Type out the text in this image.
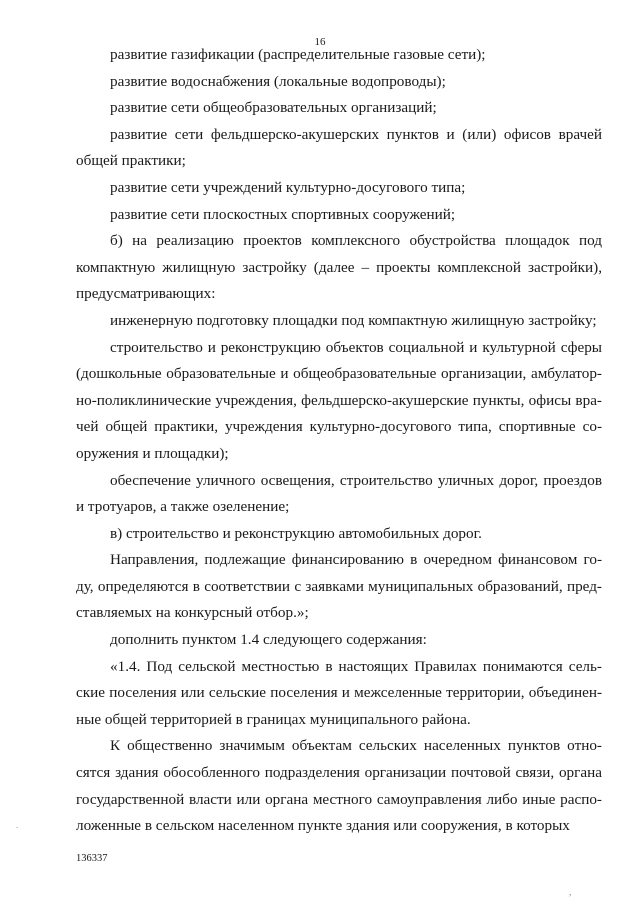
16
развитие газификации (распределительные газовые сети);
развитие водоснабжения (локальные водопроводы);
развитие сети общеобразовательных организаций;
развитие сети фельдшерско-акушерских пунктов и (или) офисов врачей
общей практики;
развитие сети учреждений культурно-досугового типа;
развитие сети плоскостных спортивных сооружений;
б) на реализацию проектов комплексного обустройства площадок под
компактную жилищную застройку (далее – проекты комплексной застройки),
предусматривающих:
инженерную подготовку площадки под компактную жилищную застройку;
строительство и реконструкцию объектов социальной и культурной сферы
(дошкольные образовательные и общеобразовательные организации, амбулатор-
но-поликлинические учреждения, фельдшерско-акушерские пункты, офисы вра-
чей общей практики, учреждения культурно-досугового типа, спортивные со-
оружения и площадки);
обеспечение уличного освещения, строительство уличных дорог, проездов
и тротуаров, а также озеленение;
в) строительство и реконструкцию автомобильных дорог.
Направления, подлежащие финансированию в очередном финансовом го-
ду, определяются в соответствии с заявками муниципальных образований, пред-
ставляемых на конкурсный отбор.»;
дополнить пунктом 1.4 следующего содержания:
«1.4. Под сельской местностью в настоящих Правилах понимаются сель-
ские поселения или сельские поселения и межселенные территории, объединен-
ные общей территорией в границах муниципального района.
К общественно значимым объектам сельских населенных пунктов отно-
сятся здания обособленного подразделения организации почтовой связи, органа
государственной власти или органа местного самоуправления либо иные распо-
ложенные в сельском населенном пункте здания или сооружения, в которых
136337
,
.
